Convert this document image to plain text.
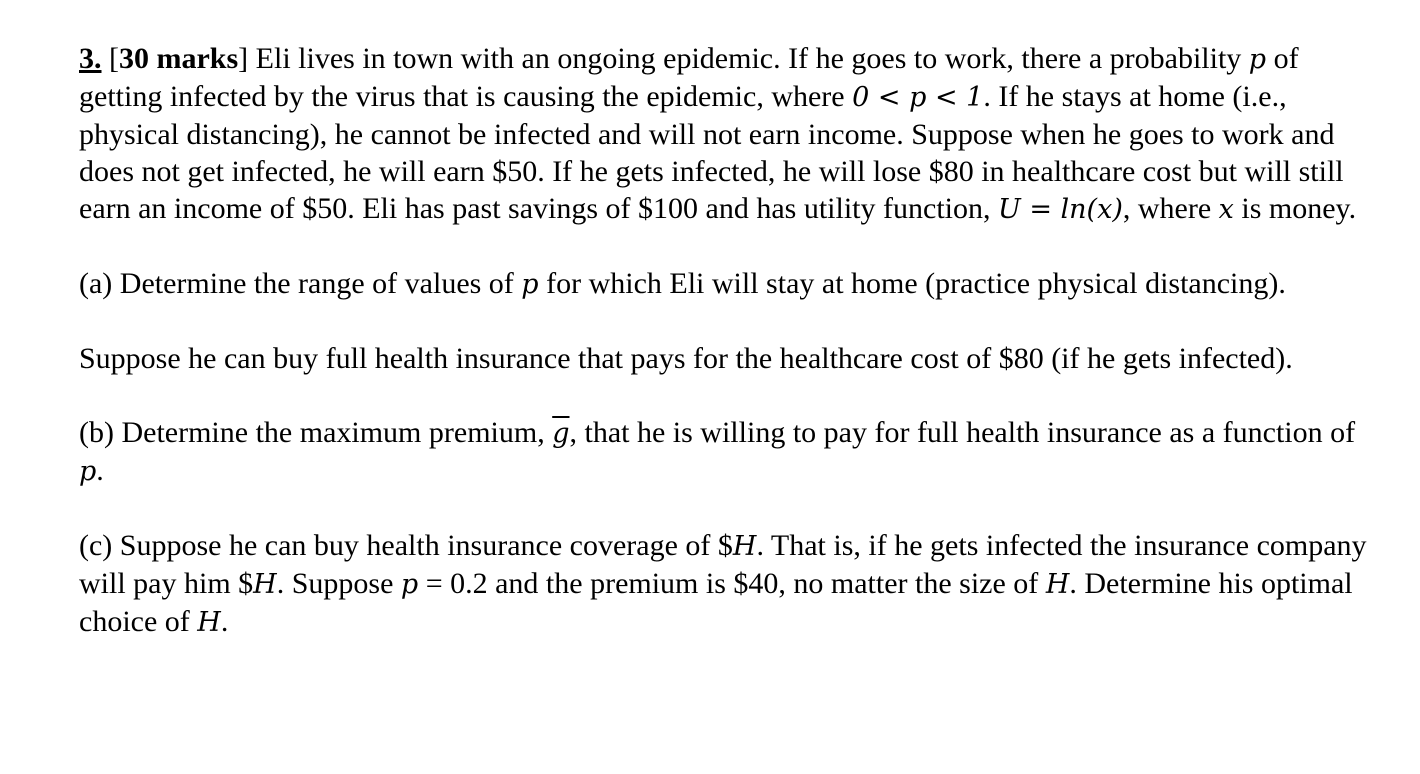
3. [30 marks] Eli lives in town with an ongoing epidemic. If he goes to work, there a probability p of getting infected by the virus that is causing the epidemic, where 0 < p < 1. If he stays at home (i.e., physical distancing), he cannot be infected and will not earn income. Suppose when he goes to work and does not get infected, he will earn $50. If he gets infected, he will lose $80 in healthcare cost but will still earn an income of $50. Eli has past savings of $100 and has utility function, U = ln(x), where x is money.

(a) Determine the range of values of p for which Eli will stay at home (practice physical distancing).

Suppose he can buy full health insurance that pays for the healthcare cost of $80 (if he gets infected).

(b) Determine the maximum premium, $\overline{g}$, that he is willing to pay for full health insurance as a function of p.

(c) Suppose he can buy health insurance coverage of $H. That is, if he gets infected the insurance company will pay him $H. Suppose p = 0.2 and the premium is $40, no matter the size of H. Determine his optimal choice of H.
